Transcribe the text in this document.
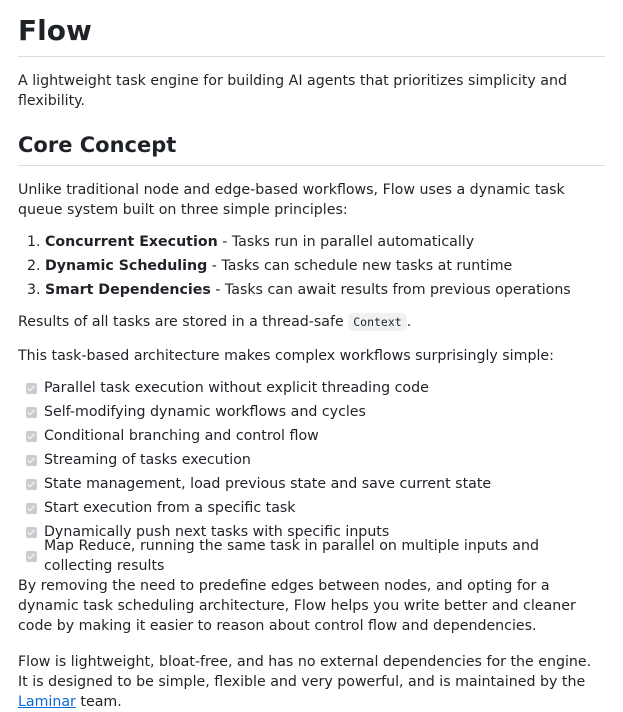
Flow

A lightweight task engine for building AI agents that prioritizes simplicity and flexibility.

Core Concept

Unlike traditional node and edge-based workflows, Flow uses a dynamic task queue system built on three simple principles:

1. Concurrent Execution - Tasks run in parallel automatically
2. Dynamic Scheduling - Tasks can schedule new tasks at runtime
3. Smart Dependencies - Tasks can await results from previous operations

Results of all tasks are stored in a thread-safe Context .

This task-based architecture makes complex workflows surprisingly simple:

Parallel task execution without explicit threading code
Self-modifying dynamic workflows and cycles
Conditional branching and control flow
Streaming of tasks execution
State management, load previous state and save current state
Start execution from a specific task
Dynamically push next tasks with specific inputs
Map Reduce, running the same task in parallel on multiple inputs and collecting results

By removing the need to predefine edges between nodes, and opting for a dynamic task scheduling architecture, Flow helps you write better and cleaner code by making it easier to reason about control flow and dependencies.

Flow is lightweight, bloat-free, and has no external dependencies for the engine. It is designed to be simple, flexible and very powerful, and is maintained by the Laminar team.
